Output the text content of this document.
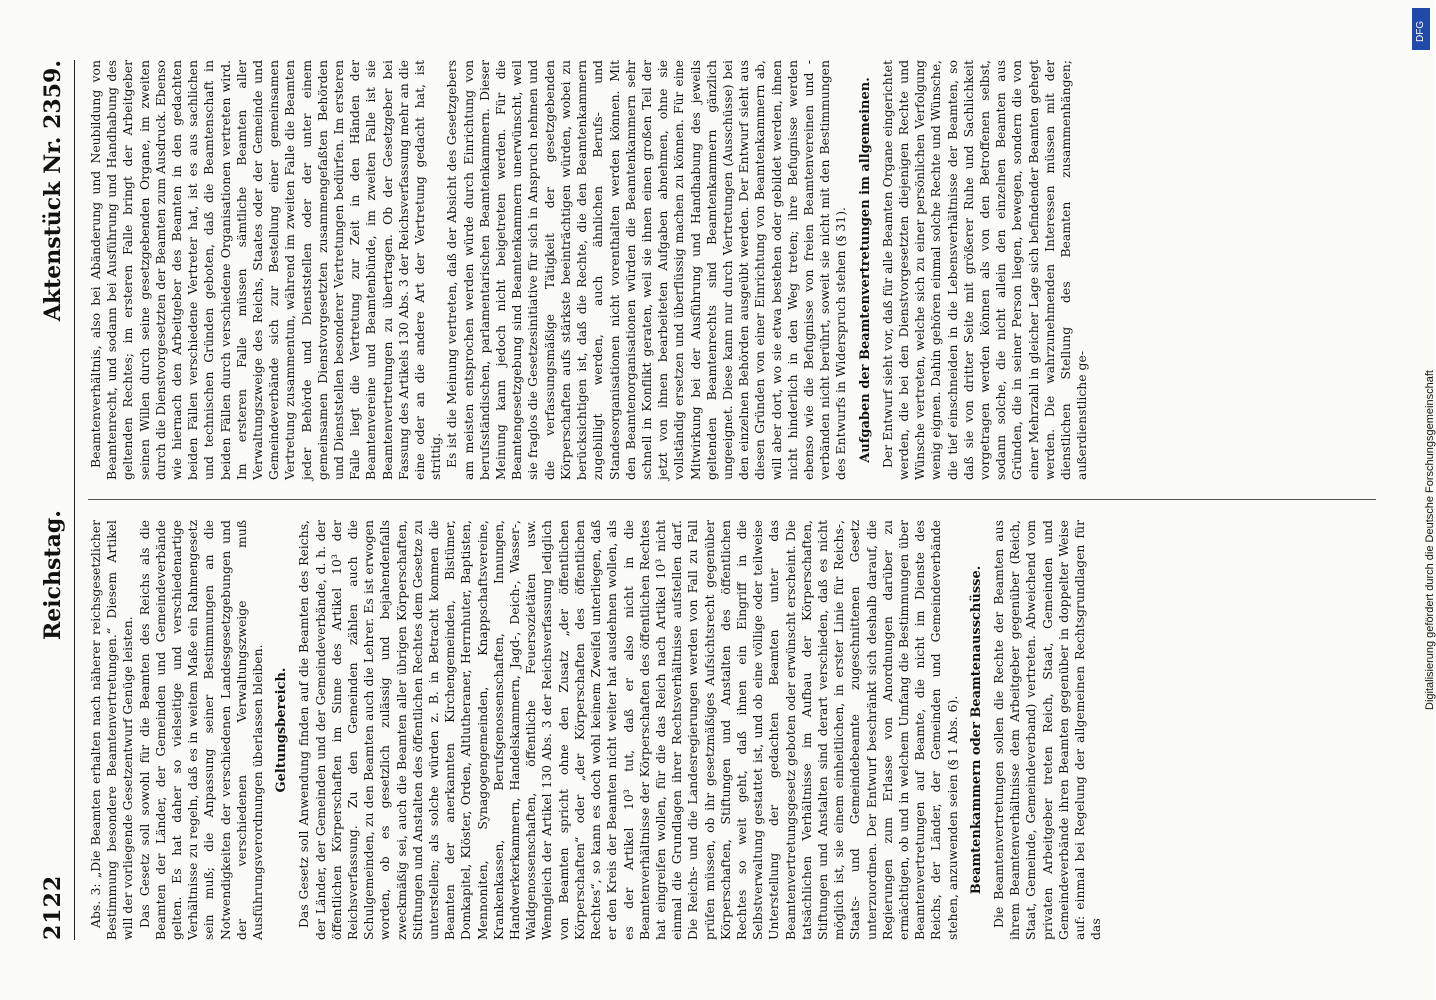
2122
Reichstag.
Aktenstück Nr. 2359.

Abs. 3: „Die Beamten erhalten nach näherer reichsgesetzlicher Bestimmung besondere Beamtenvertretungen.“ Diesem Artikel will der vorliegende Gesetzentwurf Genüge leisten. Das Gesetz soll sowohl für die Beamten des Reichs als die Beamten der Länder, der Gemeinden und Gemeindeverbände gelten. Es hat daher so vielseitige und verschiedenartige Verhältnisse zu regeln, daß es in weitem Maße ein Rahmengesetz sein muß; die Anpassung seiner Bestimmungen an die Notwendigkeiten der verschiedenen Landesgesetzgebungen und der verschiedenen Verwaltungszweige muß Ausführungsverordnungen überlassen bleiben. Geltungsbereich. Das Gesetz soll Anwendung finden auf die Beamten des Reichs, der Länder, der Gemeinden und der Gemeindeverbände, d. h. der öffentlichen Körperschaften im Sinne des Artikel 10³ der Reichsverfassung. Zu den Gemeinden zählen auch die Schulgemeinden, zu den Beamten auch die Lehrer. Es ist erwogen worden, ob es gesetzlich zulässig und bejahendenfalls zweckmäßig sei, auch die Beamten aller übrigen Körperschaften, Stiftungen und Anstalten des öffentlichen Rechtes dem Gesetze zu unterstellen; als solche würden z. B. in Betracht kommen die Beamten der anerkannten Kirchengemeinden, Bistümer, Domkapitel, Klöster, Orden, Altlutheraner, Herrnhuter, Baptisten, Mennoniten, Synagogengemeinden, Knappschaftsvereine, Krankenkassen, Berufsgenossenschaften, Innungen, Handwerkerkammern, Handelskammern, Jagd-, Deich-, Wasser-, Waldgenossenschaften, öffentliche Feuersozietäten usw. Wenngleich der Artikel 130 Abs. 3 der Reichsverfassung lediglich von Beamten spricht ohne den Zusatz „der öffentlichen Körperschaften“ oder „der Körperschaften des öffentlichen Rechtes“, so kann es doch wohl keinem Zweifel unterliegen, daß er den Kreis der Beamten nicht weiter hat ausdehnen wollen, als es der Artikel 10³ tut, daß er also nicht in die Beamtenverhältnisse der Körperschaften des öffentlichen Rechtes hat eingreifen wollen, für die das Reich nach Artikel 10³ nicht einmal die Grundlagen ihrer Rechtsverhältnisse aufstellen darf. Die Reichs- und die Landesregierungen werden von Fall zu Fall prüfen müssen, ob ihr gesetzmäßiges Aufsichtsrecht gegenüber Körperschaften, Stiftungen und Anstalten des öffentlichen Rechtes so weit geht, daß ihnen ein Eingriff in die Selbstverwaltung gestattet ist, und ob eine völlige oder teilweise Unterstellung der gedachten Beamten unter das Beamtenvertretungsgesetz geboten oder erwünscht erscheint. Die tatsächlichen Verhältnisse im Aufbau der Körperschaften, Stiftungen und Anstalten sind derart verschieden, daß es nicht möglich ist, sie einem einheitlichen, in erster Linie für Reichs-, Staats- und Gemeindebeamte zugeschnittenen Gesetz unterzuordnen. Der Entwurf beschränkt sich deshalb darauf, die Regierungen zum Erlasse von Anordnungen darüber zu ermächtigen, ob und in welchem Umfang die Bestimmungen über Beamtenvertretungen auf Beamte, die nicht im Dienste des Reichs, der Länder, der Gemeinden und Gemeindeverbände stehen, anzuwenden seien (§ 1 Abs. 6). Beamtenkammern oder Beamtenausschüsse. Die Beamtenvertretungen sollen die Rechte der Beamten aus ihrem Beamtenverhältnisse dem Arbeitgeber gegenüber (Reich, Staat, Gemeinde, Gemeindeverband) vertreten. Abweichend vom privaten Arbeitgeber treten Reich, Staat, Gemeinden und Gemeindeverbände ihren Beamten gegenüber in doppelter Weise auf: einmal bei Regelung der allgemeinen Rechtsgrundlagen für das

Beamtenverhältnis, also bei Abänderung und Neubildung von Beamtenrecht, und sodann bei Ausführung und Handhabung des geltenden Rechtes; im ersteren Falle bringt der Arbeitgeber seinen Willen durch seine gesetzgebenden Organe, im zweiten durch die Dienstvorgesetzten der Beamten zum Ausdruck. Ebenso wie hiernach den Arbeitgeber des Beamten in den gedachten beiden Fällen verschiedene Vertreter hat, ist es aus sachlichen und technischen Gründen geboten, daß die Beamtenschaft in beiden Fällen durch verschiedene Organisationen vertreten wird. Im ersteren Falle müssen sämtliche Beamten aller Verwaltungszweige des Reichs, Staates oder der Gemeinde und Gemeindeverbände sich zur Bestellung einer gemeinsamen Vertretung zusammentun, während im zweiten Falle die Beamten jeder Behörde und Dienststellen oder der unter einem gemeinsamen Dienstvorgesetzten zusammengefaßten Behörden und Dienststellen besonderer Vertretungen bedürfen. Im ersteren Falle liegt die Vertretung zur Zeit in den Händen der Beamtenvereine und Beamtenbünde, im zweiten Falle ist sie Beamtenvertretungen zu übertragen. Ob der Gesetzgeber bei Fassung des Artikels 130 Abs. 3 der Reichsverfassung mehr an die eine oder an die andere Art der Vertretung gedacht hat, ist strittig. Es ist die Meinung vertreten, daß der Absicht des Gesetzgebers am meisten entsprochen werden würde durch Einrichtung von berufsständischen, parlamentarischen Beamtenkammern. Dieser Meinung kann jedoch nicht beigetreten werden. Für die Beamtengesetzgebung sind Beamtenkammern unerwünscht, weil sie fraglos die Gesetzesinitiative für sich in Anspruch nehmen und die verfassungsmäßige Tätigkeit der gesetzgebenden Körperschaften aufs stärkste beeinträchtigen würden, wobei zu berücksichtigen ist, daß die Rechte, die den Beamtenkammern zugebilligt werden, auch ähnlichen Berufs- und Standesorganisationen nicht vorenthalten werden können. Mit den Beamtenorganisationen würden die Beamtenkammern sehr schnell in Konflikt geraten, weil sie ihnen einen großen Teil der jetzt von ihnen bearbeiteten Aufgaben abnehmen, ohne sie vollständig ersetzen und überflüssig machen zu können. Für eine Mitwirkung bei der Ausführung und Handhabung des jeweils geltenden Beamtenrechts sind Beamtenkammern gänzlich ungeeignet. Diese kann nur durch Vertretungen (Ausschüsse) bei den einzelnen Behörden ausgeübt werden. Der Entwurf sieht aus diesen Gründen von einer Einrichtung von Beamtenkammern ab, will aber dort, wo sie etwa bestehen oder gebildet werden, ihnen nicht hinderlich in den Weg treten; ihre Befugnisse werden ebenso wie die Befugnisse von freien Beamtenvereinen und -verbänden nicht berührt, soweit sie nicht mit den Bestimmungen des Entwurfs in Widerspruch stehen (§ 31). Aufgaben der Beamtenvertretungen im allgemeinen. Der Entwurf sieht vor, daß für alle Beamten Organe eingerichtet werden, die bei den Dienstvorgesetzten diejenigen Rechte und Wünsche vertreten, welche sich zu einer persönlichen Verfolgung wenig eignen. Dahin gehören einmal solche Rechte und Wünsche, die tief einschneiden in die Lebensverhältnisse der Beamten, so daß sie von dritter Seite mit größerer Ruhe und Sachlichkeit vorgetragen werden können als von den Betroffenen selbst, sodann solche, die nicht allein den einzelnen Beamten aus Gründen, die in seiner Person liegen, bewegen, sondern die von einer Mehrzahl in gleicher Lage sich befindender Beamten gehegt werden. Die wahrzunehmenden Interessen müssen mit der dienstlichen Stellung des Beamten zusammenhängen; außerdienstliche ge-	Digitalisierung gefördert durch die Deutsche Forschungsgemeinschaft
DFG
